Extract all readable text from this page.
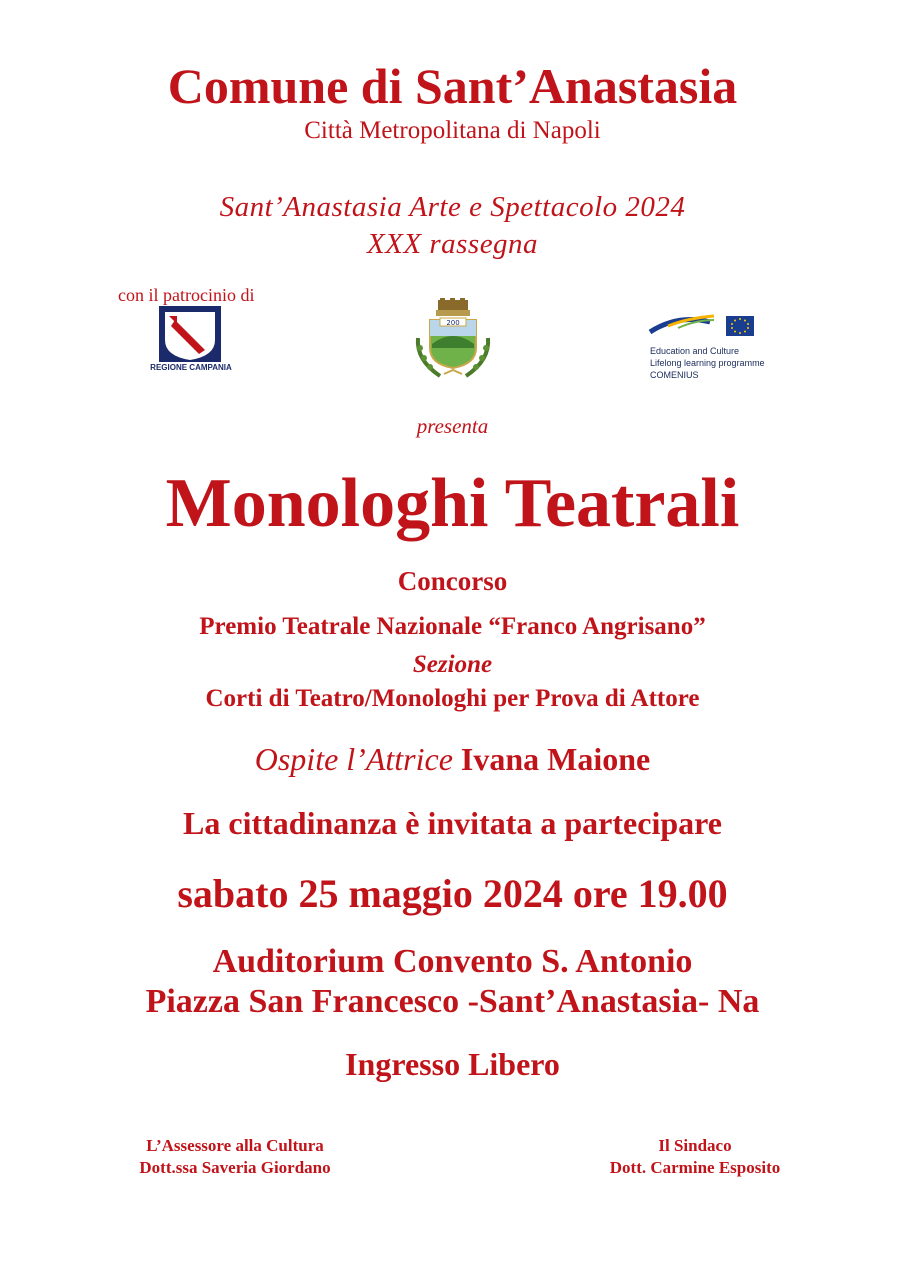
Comune di Sant’Anastasia
Città Metropolitana di Napoli
Sant’Anastasia Arte e Spettacolo 2024
XXX rassegna
con il patrocinio di
REGIONE CAMPANIA
200
Education and Culture
Lifelong learning programme
COMENIUS
presenta
Monologhi Teatrali
Concorso
Premio Teatrale Nazionale “Franco Angrisano”
Sezione
Corti di Teatro/Monologhi per Prova di Attore
Ospite l’Attrice Ivana Maione
La cittadinanza è invitata a partecipare
sabato 25 maggio 2024 ore 19.00
Auditorium Convento S. Antonio
Piazza San Francesco -Sant’Anastasia- Na
Ingresso Libero
L’Assessore alla Cultura
Dott.ssa Saveria Giordano
Il Sindaco
Dott. Carmine Esposito
